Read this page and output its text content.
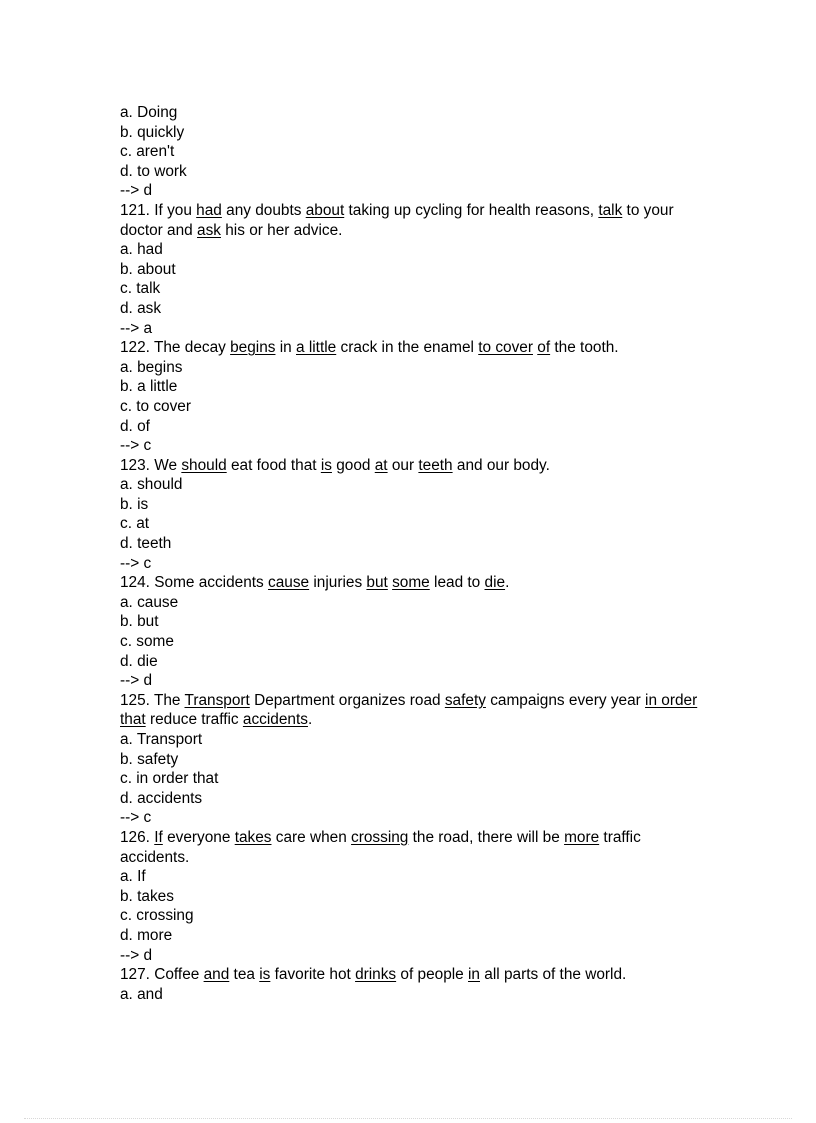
a. Doing
b. quickly
c. aren't
d. to work
--> d
121. If you had any doubts about taking up cycling for health reasons, talk to your doctor and ask his or her advice.
a. had
b. about
c. talk
d. ask
--> a
122. The decay begins in a little crack in the enamel to cover of the tooth.
a. begins
b. a little
c. to cover
d. of
--> c
123. We should eat food that is good at our teeth and our body.
a. should
b. is
c. at
d. teeth
--> c
124. Some accidents cause injuries but some lead to die.
a. cause
b. but
c. some
d. die
--> d
125. The Transport Department organizes road safety campaigns every year in order that reduce traffic accidents.
a. Transport
b. safety
c. in order that
d. accidents
--> c
126. If everyone takes care when crossing the road, there will be more traffic accidents.
a. If
b. takes
c. crossing
d. more
--> d
127. Coffee and tea is favorite hot drinks of people in all parts of the world.
a. and
